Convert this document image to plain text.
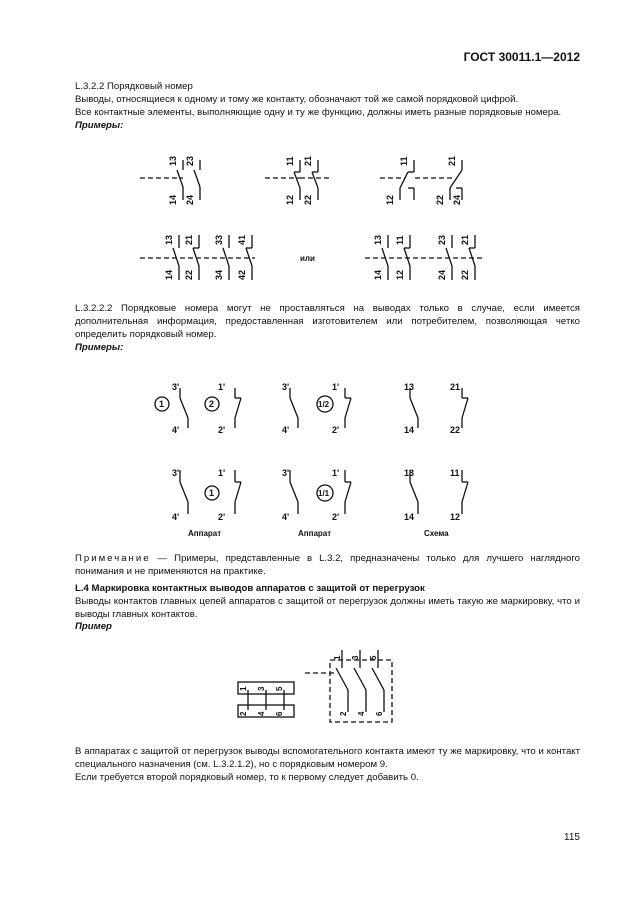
ГОСТ 30011.1—2012
L.3.2.2 Порядковый номер
Выводы, относящиеся к одному и тому же контакту, обозначают той же самой порядковой цифрой.
Все контактные элементы, выполняющие одну и ту же функцию, должны иметь разные порядковые номера.
Примеры:
13
14
23
24
11
12
21
22
11
12
21
22 24
13
14
21
22
33
34
41
42
13
14
11
12
23
24
21
22
или
3'
4'
1
1'
2
2'
3'
4'
1/2
1'
2'
13
14
21
22
3'
4'
1
1'
2'
3'
4'
1/1
1'
2'
13
14
11
12
Аппарат	Аппарат	Схема
1 3 5
2 4 6
1 3 5
2 4 6
L.3.2.2.2 Порядковые номера могут не проставляться на выводах только в случае, если имеется дополнительная информация, предоставленная изготовителем или потребителем, позволяющая четко определить порядковый номер.
Примеры:
Примечание — Примеры, представленные в L.3.2, предназначены только для лучшего наглядного понимания и не применяются на практике.
L.4 Маркировка контактных выводов аппаратов с защитой от перегрузок
Выводы контактов главных цепей аппаратов с защитой от перегрузок должны иметь такую же маркировку, что и выводы главных контактов.
Пример
В аппаратах с защитой от перегрузок выводы вспомогательного контакта имеют ту же маркировку, что и контакт специального назначения (см. L.3.2.1.2), но с порядковым номером 9.
Если требуется второй порядковый номер, то к первому следует добавить 0.
115
